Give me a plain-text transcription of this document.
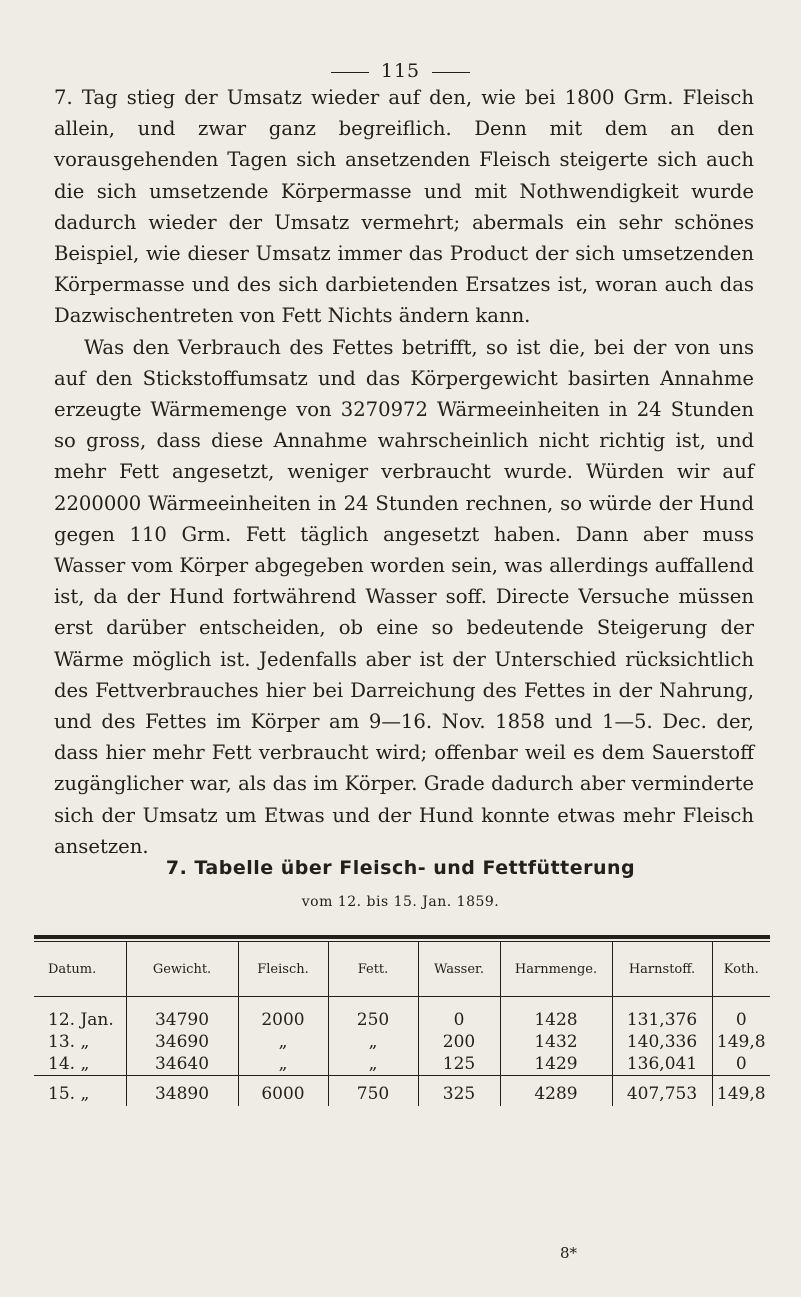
115

7. Tag stieg der Umsatz wieder auf den, wie bei 1800 Grm. Fleisch allein, und zwar ganz begreiflich. Denn mit dem an den vorausgehenden Tagen sich ansetzenden Fleisch steigerte sich auch die sich umsetzende Körpermasse und mit Nothwendigkeit wurde dadurch wieder der Umsatz vermehrt; abermals ein sehr schönes Beispiel, wie dieser Umsatz immer das Product der sich umsetzenden Körpermasse und des sich darbietenden Ersatzes ist, woran auch das Dazwischentreten von Fett Nichts ändern kann.

Was den Verbrauch des Fettes betrifft, so ist die, bei der von uns auf den Stickstoffumsatz und das Körpergewicht basirten Annahme erzeugte Wärmemenge von 3270972 Wärmeeinheiten in 24 Stunden so gross, dass diese Annahme wahrscheinlich nicht richtig ist, und mehr Fett angesetzt, weniger verbraucht wurde. Würden wir auf 2200000 Wärmeeinheiten in 24 Stunden rechnen, so würde der Hund gegen 110 Grm. Fett täglich angesetzt haben. Dann aber muss Wasser vom Körper abgegeben worden sein, was allerdings auffallend ist, da der Hund fortwährend Wasser soff. Directe Versuche müssen erst darüber entscheiden, ob eine so bedeutende Steigerung der Wärme möglich ist. Jedenfalls aber ist der Unterschied rücksichtlich des Fettverbrauches hier bei Darreichung des Fettes in der Nahrung, und des Fettes im Körper am 9—16. Nov. 1858 und 1—5. Dec. der, dass hier mehr Fett verbraucht wird; offenbar weil es dem Sauerstoff zugänglicher war, als das im Körper. Grade dadurch aber verminderte sich der Umsatz um Etwas und der Hund konnte etwas mehr Fleisch ansetzen.

7. Tabelle über Fleisch- und Fettfütterung
vom 12. bis 15. Jan. 1859.
Datum.	Gewicht.	Fleisch.	Fett.	Wasser.	Harnmenge.	Harnstoff.	Koth.
12. Jan.	34790	2000	250	0	1428	131,376	0
13. „	34690	„	„	200	1432	140,336	149,8
14. „	34640	„	„	125	1429	136,041	0
15. „	34890	6000	750	325	4289	407,753	149,8
8*
